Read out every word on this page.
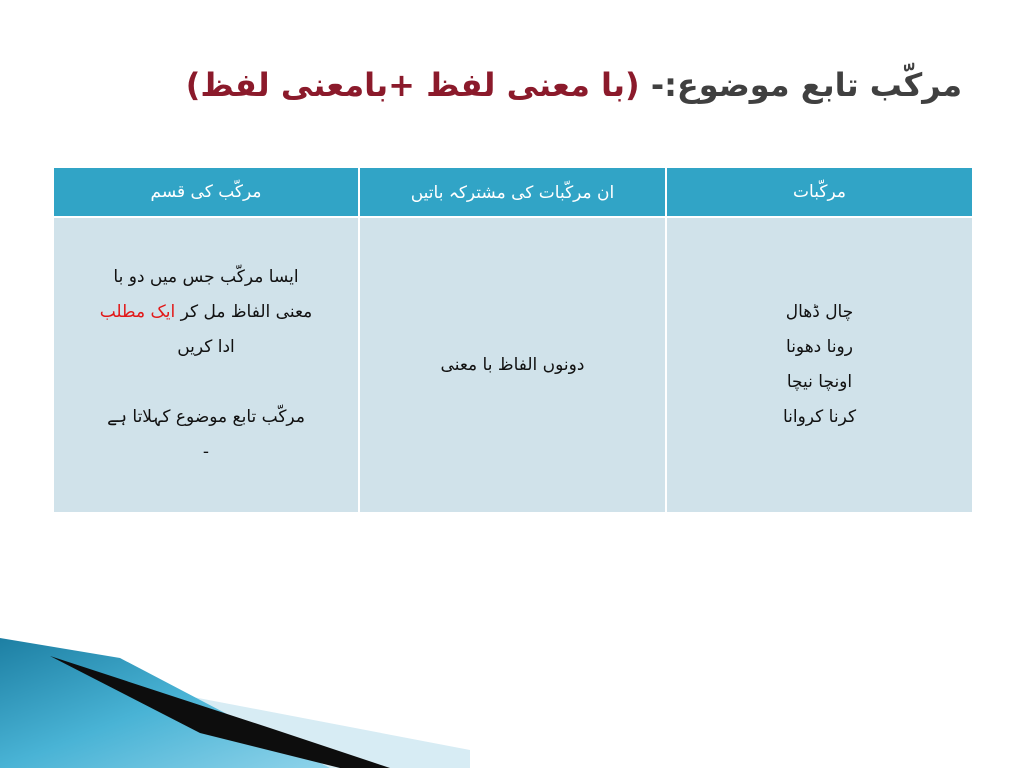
مرکّب تابع موضوع:- (با معنی لفظ +بامعنی لفظ)
مرکّبات	ان مرکّبات کی مشترکہ باتیں	مرکّب کی قسم

چال ڈھال
رونا دھونا
اونچا نیچا
کرنا کروانا	دونوں الفاظ با معنی	ایسا مرکّب جس میں دو با
معنی الفاظ مل کر ایک مطلب
ادا کریں
مرکّب تابع موضوع کہلاتا ہے
-
